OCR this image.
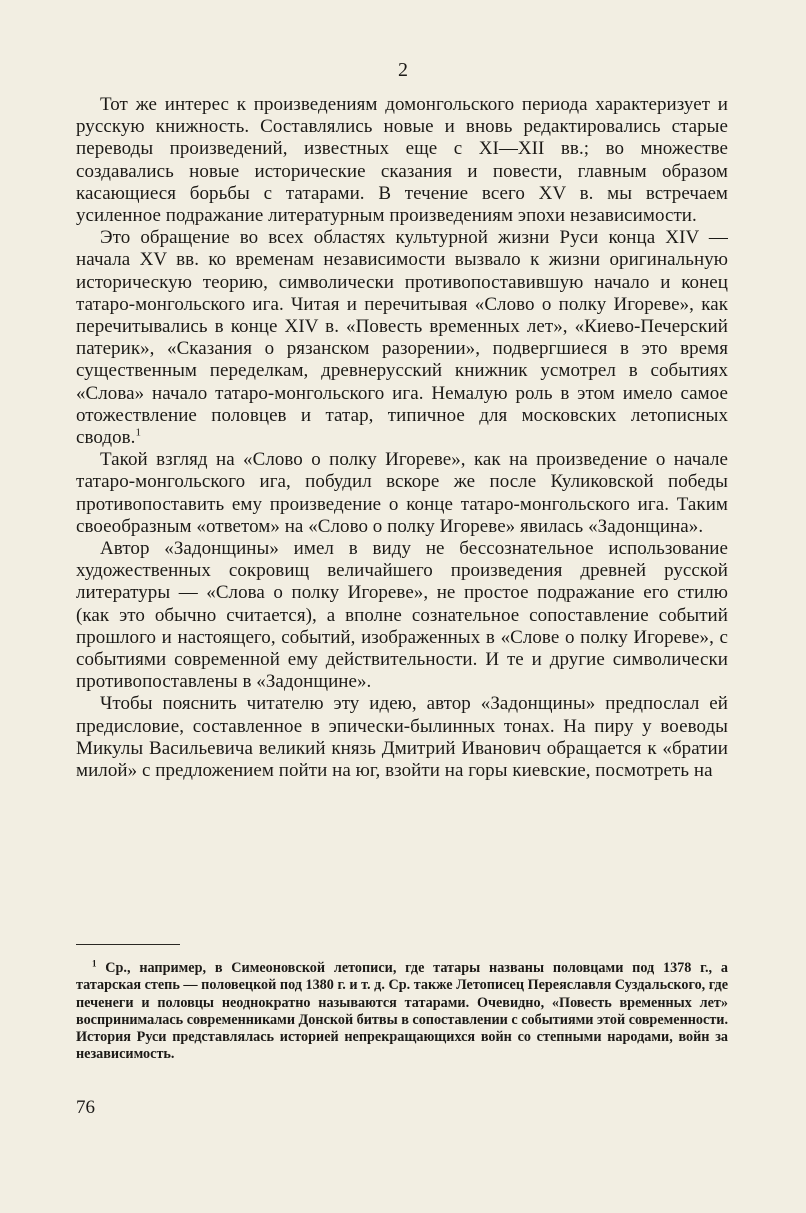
2

Тот же интерес к произведениям домонгольского периода характеризует и русскую книжность. Составлялись новые и вновь редактировались старые переводы произведений, известных еще с XI—XII вв.; во множестве создавались новые исторические сказания и повести, главным образом касающиеся борьбы с татарами. В течение всего XV в. мы встречаем усиленное подражание литературным произведениям эпохи независимости.

Это обращение во всех областях культурной жизни Руси конца XIV — начала XV вв. ко временам независимости вызвало к жизни оригинальную историческую теорию, символически противопоставившую начало и конец татаро-монгольского ига. Читая и перечитывая «Слово о полку Игореве», как перечитывались в конце XIV в. «Повесть временных лет», «Киево-Печерский патерик», «Сказания о рязанском разорении», подвергшиеся в это время существенным переделкам, древнерусский книжник усмотрел в событиях «Слова» начало татаро-монгольского ига. Немалую роль в этом имело самое отожествление половцев и татар, типичное для московских летописных сводов.$^1$

Такой взгляд на «Слово о полку Игореве», как на произведение о начале татаро-монгольского ига, побудил вскоре же после Куликовской победы противопоставить ему произведение о конце татаро-монгольского ига. Таким своеобразным «ответом» на «Слово о полку Игореве» явилась «Задонщина».

Автор «Задонщины» имел в виду не бессознательное использование художественных сокровищ величайшего произведения древней русской литературы — «Слова о полку Игореве», не простое подражание его стилю (как это обычно считается), а вполне сознательное сопоставление событий прошлого и настоящего, событий, изображенных в «Слове о полку Игореве», с событиями современной ему действительности. И те и другие символически противопоставлены в «Задонщине».

Чтобы пояснить читателю эту идею, автор «Задонщины» предпослал ей предисловие, составленное в эпически-былинных тонах. На пиру у воеводы Микулы Васильевича великий князь Дмитрий Иванович обращается к «братии милой» с предложением пойти на юг, взойти на горы киевские, посмотреть на

$^1$ Ср., например, в Симеоновской летописи, где татары названы половцами под 1378 г., а татарская степь — половецкой под 1380 г. и т. д. Ср. также Летописец Переяславля Суздальского, где печенеги и половцы неоднократно называются татарами. Очевидно, «Повесть временных лет» воспринималась современниками Донской битвы в сопоставлении с событиями этой современности. История Руси представлялась историей непрекращающихся войн со степными народами, войн за независимость.

76
